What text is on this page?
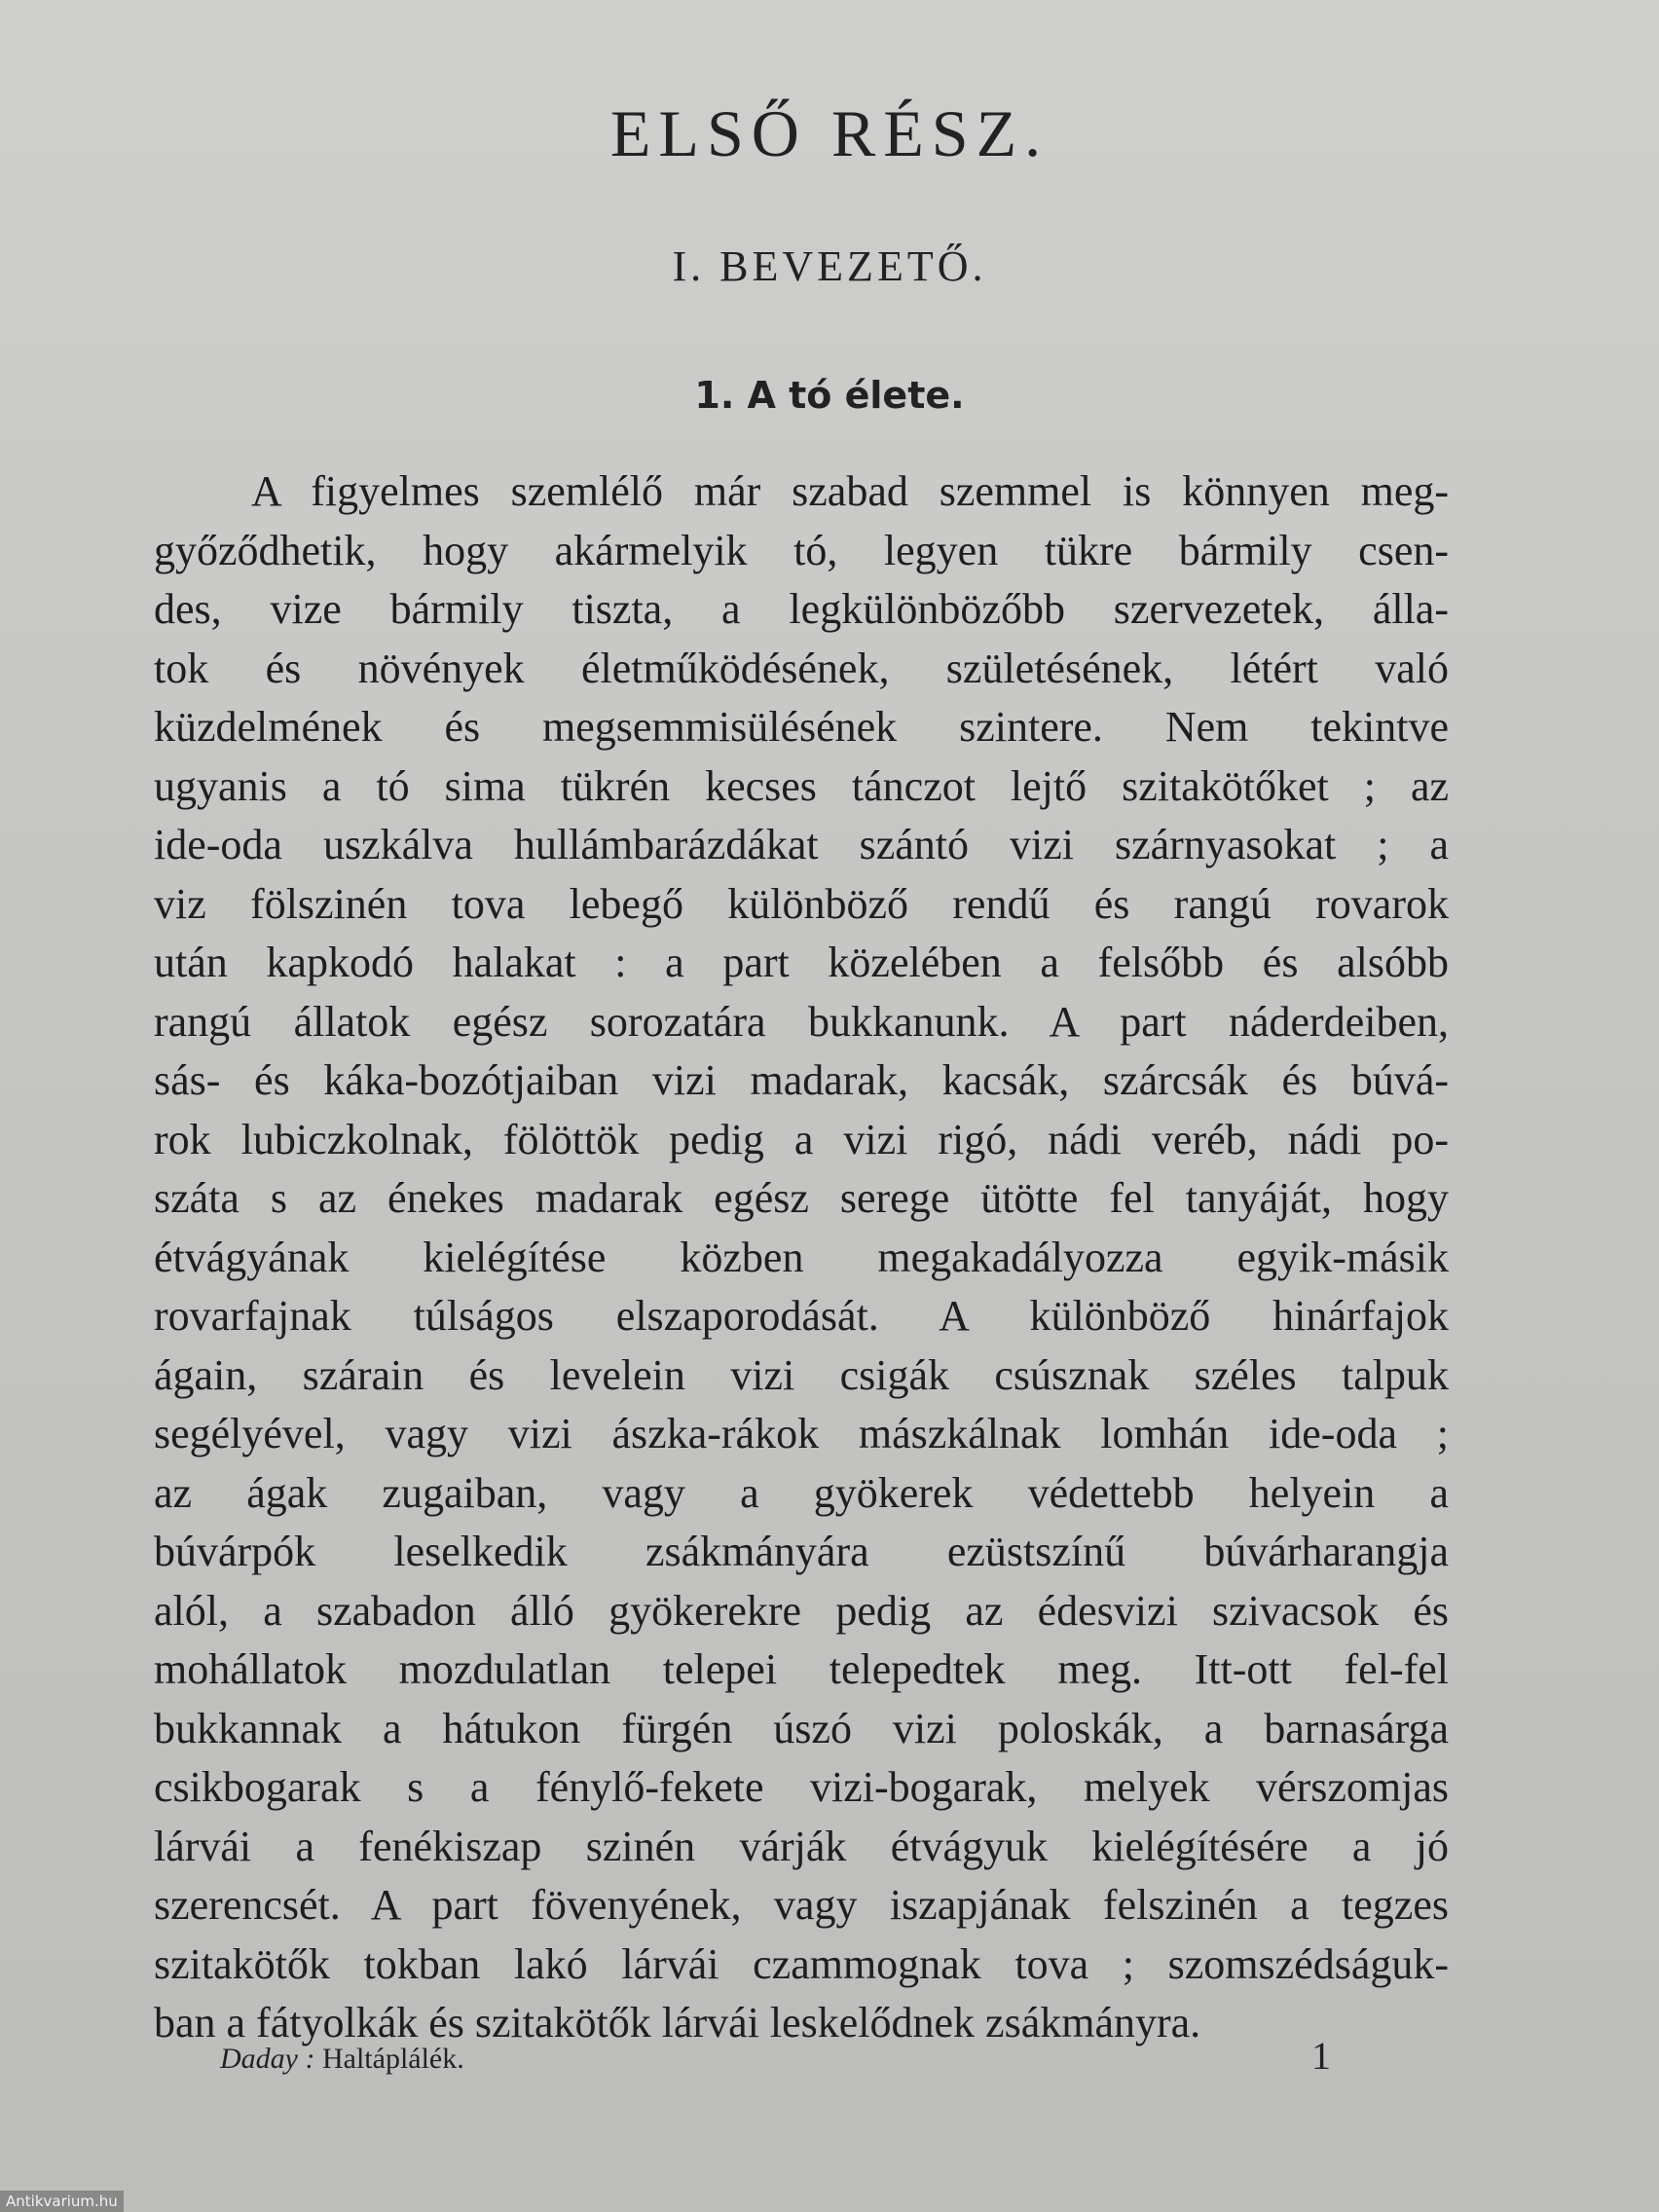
ELSŐ RÉSZ.
I. BEVEZETŐ.
1. A tó élete.
A figyelmes szemlélő már szabad szemmel is könnyen meg-
győződhetik, hogy akármelyik tó, legyen tükre bármily csen-
des, vize bármily tiszta, a legkülönbözőbb szervezetek, álla-
tok és növények életműködésének, születésének, létért való
küzdelmének és megsemmisülésének szintere. Nem tekintve
ugyanis a tó sima tükrén kecses tánczot lejtő szitakötőket ; az
ide-oda uszkálva hullámbarázdákat szántó vizi szárnyasokat ; a
viz fölszinén tova lebegő különböző rendű és rangú rovarok
után kapkodó halakat : a part közelében a felsőbb és alsóbb
rangú állatok egész sorozatára bukkanunk. A part náderdeiben,
sás- és káka-bozótjaiban vizi madarak, kacsák, szárcsák és búvá-
rok lubiczkolnak, fölöttök pedig a vizi rigó, nádi veréb, nádi po-
száta s az énekes madarak egész serege ütötte fel tanyáját, hogy
étvágyának kielégítése közben megakadályozza egyik-másik
rovarfajnak túlságos elszaporodását. A különböző hinárfajok
ágain, szárain és levelein vizi csigák csúsznak széles talpuk
segélyével, vagy vizi ászka-rákok mászkálnak lomhán ide-oda ;
az ágak zugaiban, vagy a gyökerek védettebb helyein a
búvárpók leselkedik zsákmányára ezüstszínű búvárharangja
alól, a szabadon álló gyökerekre pedig az édesvizi szivacsok és
mohállatok mozdulatlan telepei telepedtek meg. Itt-ott fel-fel
bukkannak a hátukon fürgén úszó vizi poloskák, a barnasárga
csikbogarak s a fénylő-fekete vizi-bogarak, melyek vérszomjas
lárvái a fenékiszap szinén várják étvágyuk kielégítésére a jó
szerencsét. A part fövenyének, vagy iszapjának felszinén a tegzes
szitakötők tokban lakó lárvái czammognak tova ; szomszédságuk-
ban a fátyolkák és szitakötők lárvái leskelődnek zsákmányra.
Daday : Haltáplálék.	1
Antikvarium.hu
